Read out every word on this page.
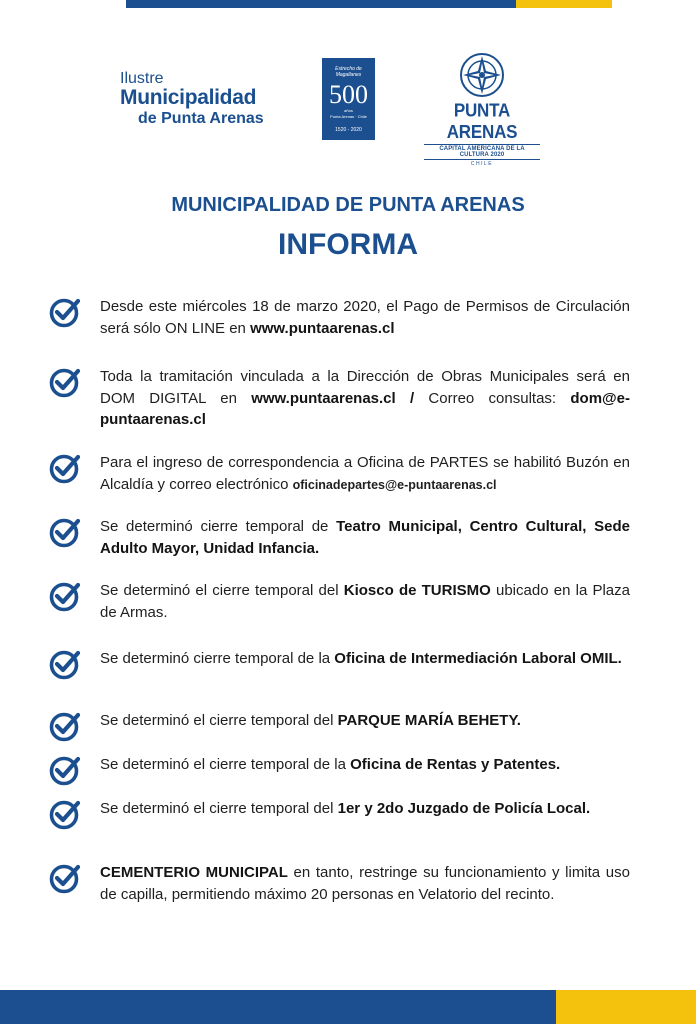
Ilustre
Municipalidad
de Punta Arenas
Estrecho de Magallanes
500
años
Punta Arenas · Chile
1520 - 2020
PUNTA ARENAS
CAPITAL AMERICANA DE LA CULTURA 2020
CHILE
MUNICIPALIDAD DE PUNTA ARENAS
INFORMA
Desde este miércoles 18 de marzo 2020, el Pago de Permisos de Circulación será sólo ON LINE en www.puntaarenas.cl
Toda la tramitación vinculada a la Dirección de Obras Municipales será en DOM DIGITAL en www.puntaarenas.cl / Correo consultas: dom@e-puntaarenas.cl
Para el ingreso de correspondencia a Oficina de PARTES se habilitó Buzón en Alcaldía y correo electrónico oficinadepartes@e-puntaarenas.cl
Se determinó cierre temporal de Teatro Municipal, Centro Cultural, Sede Adulto Mayor, Unidad Infancia.
Se determinó el cierre temporal del Kiosco de TURISMO ubicado en la Plaza de Armas.
Se determinó cierre temporal de la Oficina de Intermediación Laboral OMIL.
Se determinó el cierre temporal del PARQUE MARÍA BEHETY.
Se determinó el cierre temporal de la Oficina de Rentas y Patentes.
Se determinó el cierre temporal del 1er y 2do Juzgado de Policía Local.
CEMENTERIO MUNICIPAL en tanto, restringe su funcionamiento y limita uso de capilla, permitiendo máximo 20 personas en Velatorio del recinto.
